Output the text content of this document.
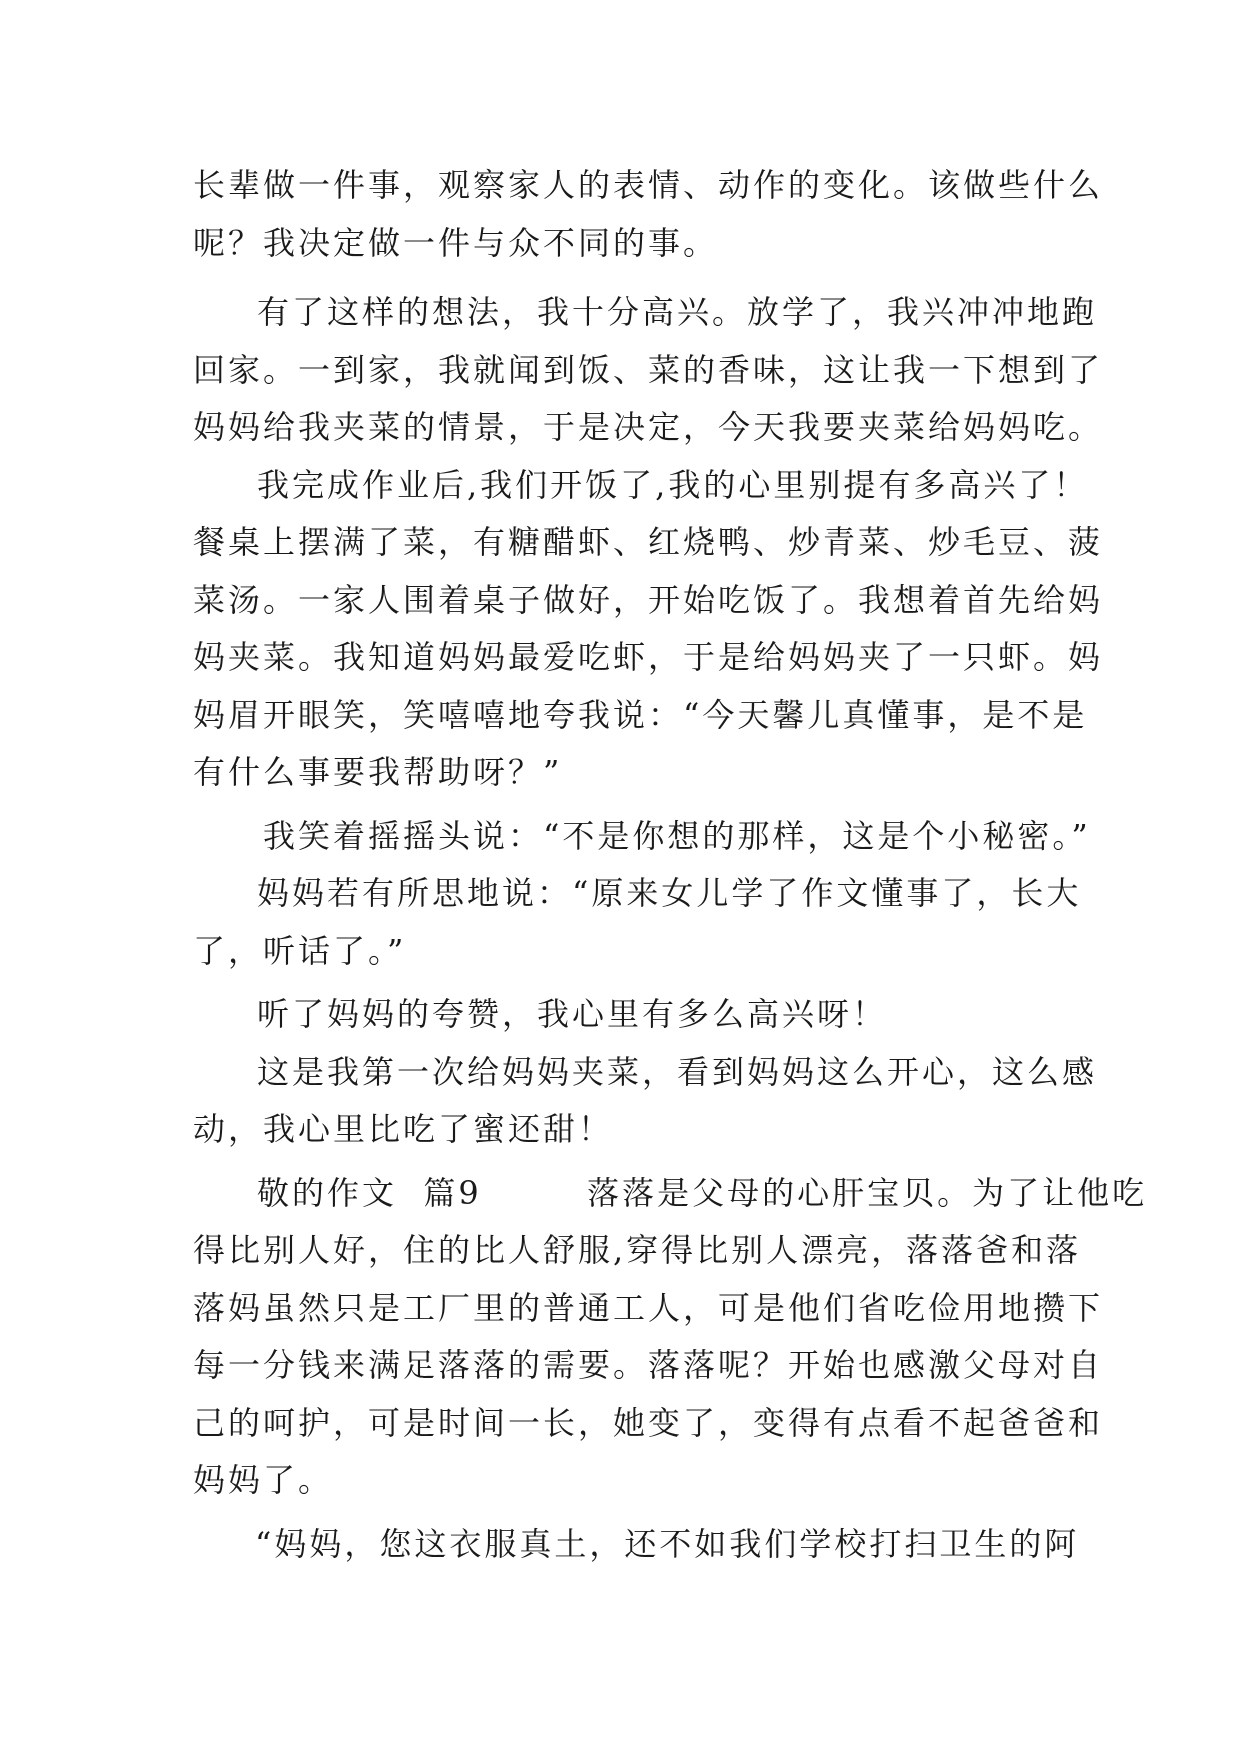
长辈做一件事，观察家人的表情、动作的变化。该做些什么
呢？我决定做一件与众不同的事。
有了这样的想法，我十分高兴。放学了，我兴冲冲地跑
回家。一到家，我就闻到饭、菜的香味，这让我一下想到了
妈妈给我夹菜的情景，于是决定，今天我要夹菜给妈妈吃。
我完成作业后,我们开饭了,我的心里别提有多高兴了！
餐桌上摆满了菜，有糖醋虾、红烧鸭、炒青菜、炒毛豆、菠
菜汤。一家人围着桌子做好，开始吃饭了。我想着首先给妈
妈夹菜。我知道妈妈最爱吃虾，于是给妈妈夹了一只虾。妈
妈眉开眼笑，笑嘻嘻地夸我说：“今天馨儿真懂事，是不是
有什么事要我帮助呀？”
我笑着摇摇头说：“不是你想的那样，这是个小秘密。”
妈妈若有所思地说：“原来女儿学了作文懂事了，长大
了，听话了。”
听了妈妈的夸赞，我心里有多么高兴呀！
这是我第一次给妈妈夹菜，看到妈妈这么开心，这么感
动，我心里比吃了蜜还甜！
敬的作文  篇9        落落是父母的心肝宝贝。为了让他吃
得比别人好，住的比人舒服,穿得比别人漂亮，落落爸和落
落妈虽然只是工厂里的普通工人，可是他们省吃俭用地攒下
每一分钱来满足落落的需要。落落呢？开始也感激父母对自
己的呵护，可是时间一长，她变了，变得有点看不起爸爸和
妈妈了。
“妈妈，您这衣服真土，还不如我们学校打扫卫生的阿
